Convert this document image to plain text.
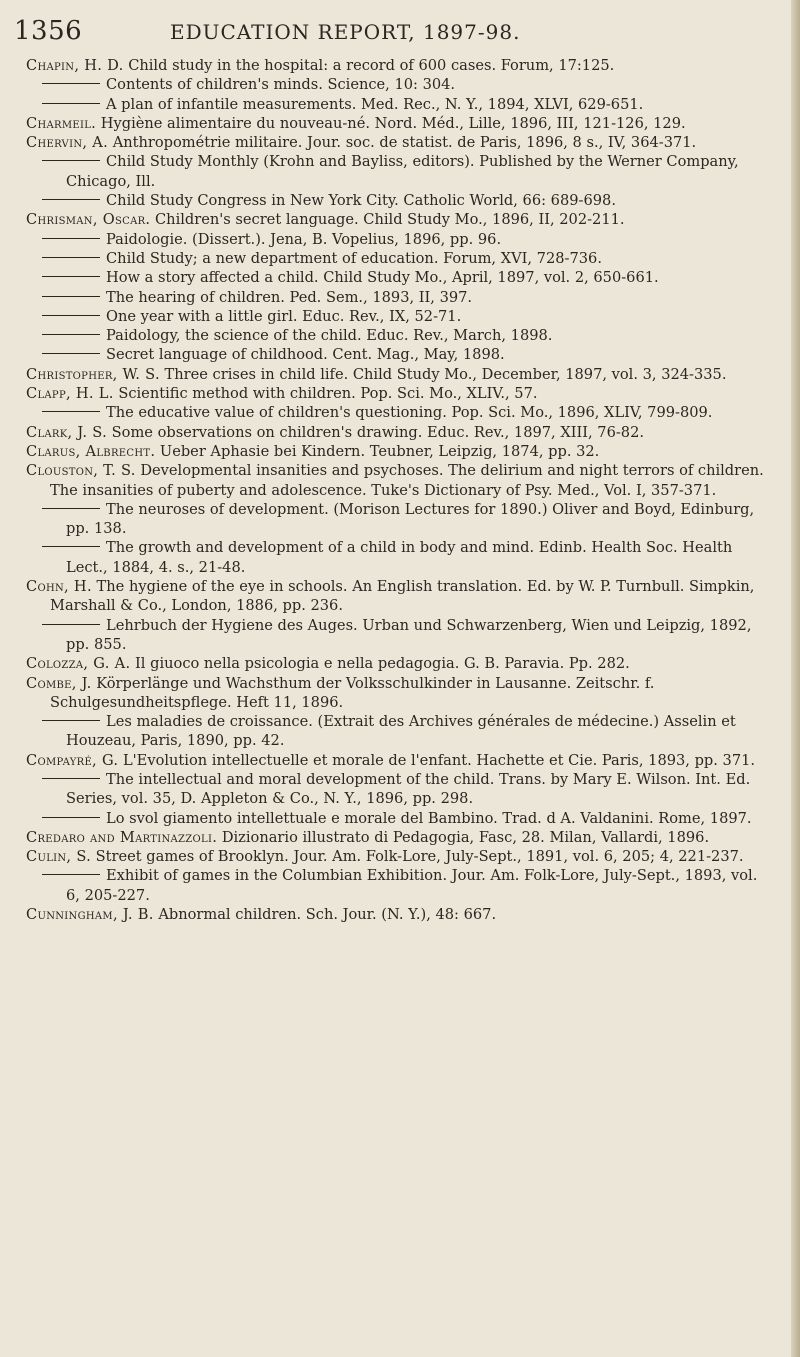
1356	EDUCATION REPORT, 1897-98.
Chapin, H. D. Child study in the hospital: a record of 600 cases. Forum, 17:125.
Contents of children's minds. Science, 10: 304.
A plan of infantile measurements. Med. Rec., N. Y., 1894, XLVI, 629-651.
Charmeil. Hygiène alimentaire du nouveau-né. Nord. Méd., Lille, 1896, III, 121-126, 129.
Chervin, A. Anthropométrie militaire. Jour. soc. de statist. de Paris, 1896, 8 s., IV, 364-371.
Child Study Monthly (Krohn and Bayliss, editors). Published by the Werner Company, Chicago, Ill.
Child Study Congress in New York City. Catholic World, 66: 689-698.
Chrisman, Oscar. Children's secret language. Child Study Mo., 1896, II, 202-211.
Paidologie. (Dissert.). Jena, B. Vopelius, 1896, pp. 96.
Child Study; a new department of education. Forum, XVI, 728-736.
How a story affected a child. Child Study Mo., April, 1897, vol. 2, 650-661.
The hearing of children. Ped. Sem., 1893, II, 397.
One year with a little girl. Educ. Rev., IX, 52-71.
Paidology, the science of the child. Educ. Rev., March, 1898.
Secret language of childhood. Cent. Mag., May, 1898.
Christopher, W. S. Three crises in child life. Child Study Mo., December, 1897, vol. 3, 324-335.
Clapp, H. L. Scientific method with children. Pop. Sci. Mo., XLIV., 57.
The educative value of children's questioning. Pop. Sci. Mo., 1896, XLIV, 799-809.
Clark, J. S. Some observations on children's drawing. Educ. Rev., 1897, XIII, 76-82.
Clarus, Albrecht. Ueber Aphasie bei Kindern. Teubner, Leipzig, 1874, pp. 32.
Clouston, T. S. Developmental insanities and psychoses. The delirium and night terrors of children. The insanities of puberty and adolescence. Tuke's Dictionary of Psy. Med., Vol. I, 357-371.
The neuroses of development. (Morison Lectures for 1890.) Oliver and Boyd, Edinburg, pp. 138.
The growth and development of a child in body and mind. Edinb. Health Soc. Health Lect., 1884, 4. s., 21-48.
Cohn, H. The hygiene of the eye in schools. An English translation. Ed. by W. P. Turnbull. Simpkin, Marshall & Co., London, 1886, pp. 236.
Lehrbuch der Hygiene des Auges. Urban und Schwarzenberg, Wien und Leipzig, 1892, pp. 855.
Colozza, G. A. Il giuoco nella psicologia e nella pedagogia. G. B. Paravia. Pp. 282.
Combe, J. Körperlänge und Wachsthum der Volksschulkinder in Lausanne. Zeitschr. f. Schulgesundheitspflege. Heft 11, 1896.
Les maladies de croissance. (Extrait des Archives générales de médecine.) Asselin et Houzeau, Paris, 1890, pp. 42.
Compayré, G. L'Evolution intellectuelle et morale de l'enfant. Hachette et Cie. Paris, 1893, pp. 371.
The intellectual and moral development of the child. Trans. by Mary E. Wilson. Int. Ed. Series, vol. 35, D. Appleton & Co., N. Y., 1896, pp. 298.
Lo svol giamento intellettuale e morale del Bambino. Trad. d A. Valdanini. Rome, 1897.
Credaro and Martinazzoli. Dizionario illustrato di Pedagogia, Fasc, 28. Milan, Vallardi, 1896.
Culin, S. Street games of Brooklyn. Jour. Am. Folk-Lore, July-Sept., 1891, vol. 6, 205; 4, 221-237.
Exhibit of games in the Columbian Exhibition. Jour. Am. Folk-Lore, July-Sept., 1893, vol. 6, 205-227.
Cunningham, J. B. Abnormal children. Sch. Jour. (N. Y.), 48: 667.
